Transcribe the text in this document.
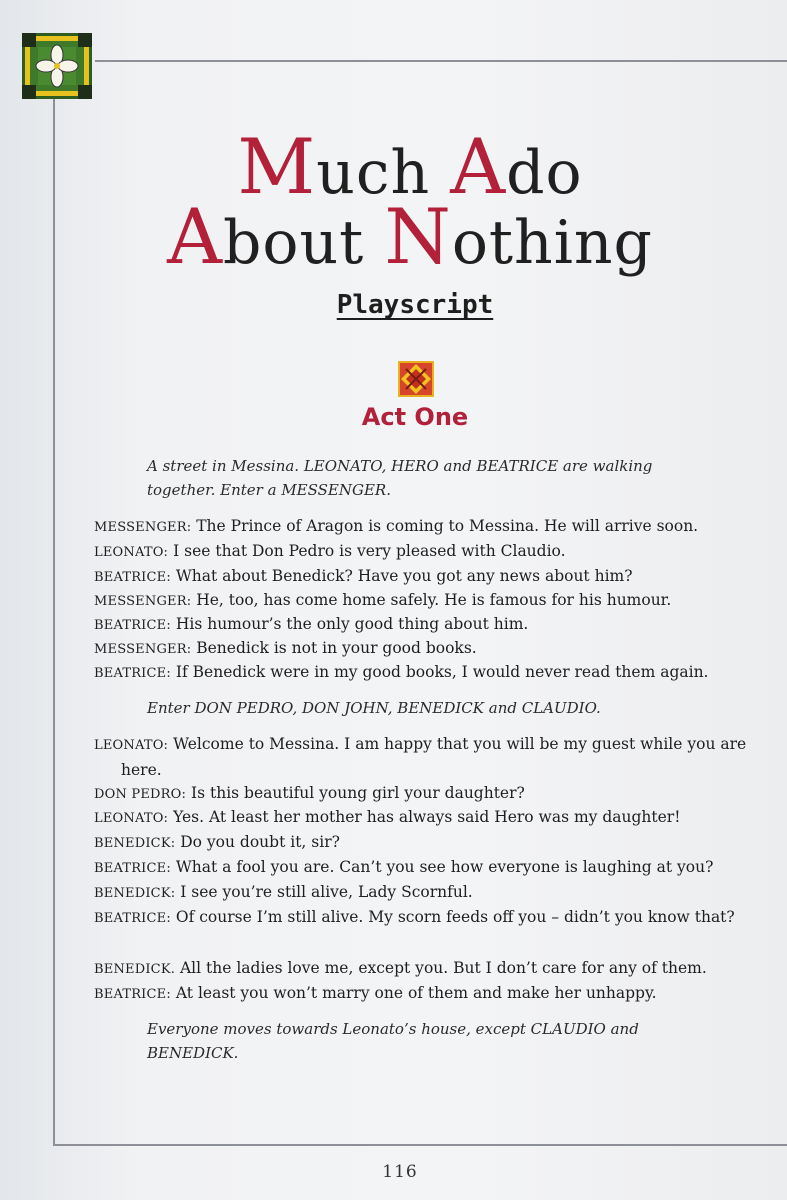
Much Ado
About Nothing
Playscript
Act One

A street in Messina. LEONATO, HERO and BEATRICE are walking together. Enter a MESSENGER.

MESSENGER: The Prince of Aragon is coming to Messina. He will arrive soon.

LEONATO: I see that Don Pedro is very pleased with Claudio.

BEATRICE: What about Benedick? Have you got any news about him?

MESSENGER: He, too, has come home safely. He is famous for his humour.

BEATRICE: His humour’s the only good thing about him.

MESSENGER: Benedick is not in your good books.

BEATRICE: If Benedick were in my good books, I would never read them again.

Enter DON PEDRO, DON JOHN, BENEDICK and CLAUDIO.

LEONATO: Welcome to Messina. I am happy that you will be my guest while you are here.

DON PEDRO: Is this beautiful young girl your daughter?

LEONATO: Yes. At least her mother has always said Hero was my daughter!

BENEDICK: Do you doubt it, sir?

BEATRICE: What a fool you are. Can’t you see how everyone is laughing at you?

BENEDICK: I see you’re still alive, Lady Scornful.

BEATRICE: Of course I’m still alive. My scorn feeds off you – didn’t you know that?

BENEDICK. All the ladies love me, except you. But I don’t care for any of them.

BEATRICE: At least you won’t marry one of them and make her unhappy.

Everyone moves towards Leonato’s house, except CLAUDIO and BENEDICK.

116
